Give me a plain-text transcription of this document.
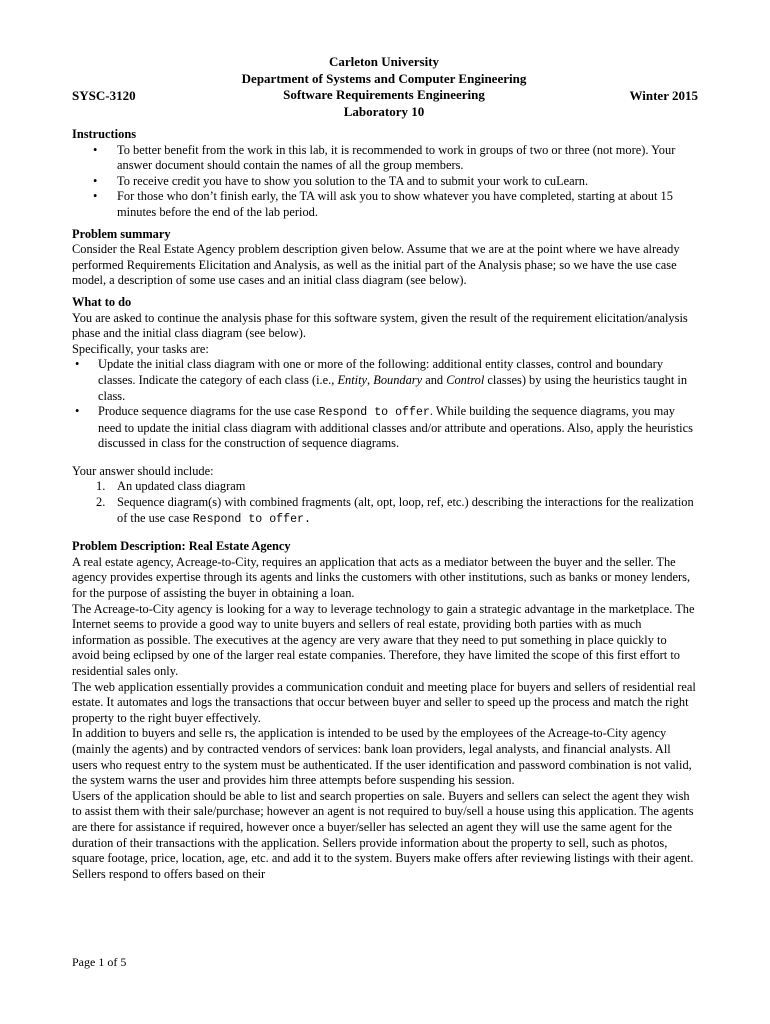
Carleton University
Department of Systems and Computer Engineering
Software Requirements Engineering
Laboratory 10
SYSC-3120	Winter 2015

Instructions

• To better benefit from the work in this lab, it is recommended to work in groups of two or three (not more). Your answer document should contain the names of all the group members.
• To receive credit you have to show you solution to the TA and to submit your work to cuLearn.
• For those who don’t finish early, the TA will ask you to show whatever you have completed, starting at about 15 minutes before the end of the lab period.

Problem summary

Consider the Real Estate Agency problem description given below. Assume that we are at the point where we have already performed Requirements Elicitation and Analysis, as well as the initial part of the Analysis phase; so we have the use case model, a description of some use cases and an initial class diagram (see below).

What to do

You are asked to continue the analysis phase for this software system, given the result of the requirement elicitation/analysis phase and the initial class diagram (see below).

Specifically, your tasks are:

• Update the initial class diagram with one or more of the following: additional entity classes, control and boundary classes. Indicate the category of each class (i.e., Entity, Boundary and Control classes) by using the heuristics taught in class.
• Produce sequence diagrams for the use case Respond to offer. While building the sequence diagrams, you may need to update the initial class diagram with additional classes and/or attribute and operations. Also, apply the heuristics discussed in class for the construction of sequence diagrams.

Your answer should include:

1. An updated class diagram
2. Sequence diagram(s) with combined fragments (alt, opt, loop, ref, etc.) describing the interactions for the realization of the use case Respond to offer.

Problem Description: Real Estate Agency

A real estate agency, Acreage-to-City, requires an application that acts as a mediator between the buyer and the seller. The agency provides expertise through its agents and links the customers with other institutions, such as banks or money lenders, for the purpose of assisting the buyer in obtaining a loan.

The Acreage-to-City agency is looking for a way to leverage technology to gain a strategic advantage in the marketplace. The Internet seems to provide a good way to unite buyers and sellers of real estate, providing both parties with as much information as possible. The executives at the agency are very aware that they need to put something in place quickly to avoid being eclipsed by one of the larger real estate companies. Therefore, they have limited the scope of this first effort to residential sales only.

The web application essentially provides a communication conduit and meeting place for buyers and sellers of residential real estate. It automates and logs the transactions that occur between buyer and seller to speed up the process and match the right property to the right buyer effectively.

In addition to buyers and selle rs, the application is intended to be used by the employees of the Acreage-to-City agency (mainly the agents) and by contracted vendors of services: bank loan providers, legal analysts, and financial analysts. All users who request entry to the system must be authenticated. If the user identification and password combination is not valid, the system warns the user and provides him three attempts before suspending his session.

Users of the application should be able to list and search properties on sale. Buyers and sellers can select the agent they wish to assist them with their sale/purchase; however an agent is not required to buy/sell a house using this application. The agents are there for assistance if required, however once a buyer/seller has selected an agent they will use the same agent for the duration of their transactions with the application. Sellers provide information about the property to sell, such as photos, square footage, price, location, age, etc. and add it to the system. Buyers make offers after reviewing listings with their agent. Sellers respond to offers based on their

Page 1 of 5
